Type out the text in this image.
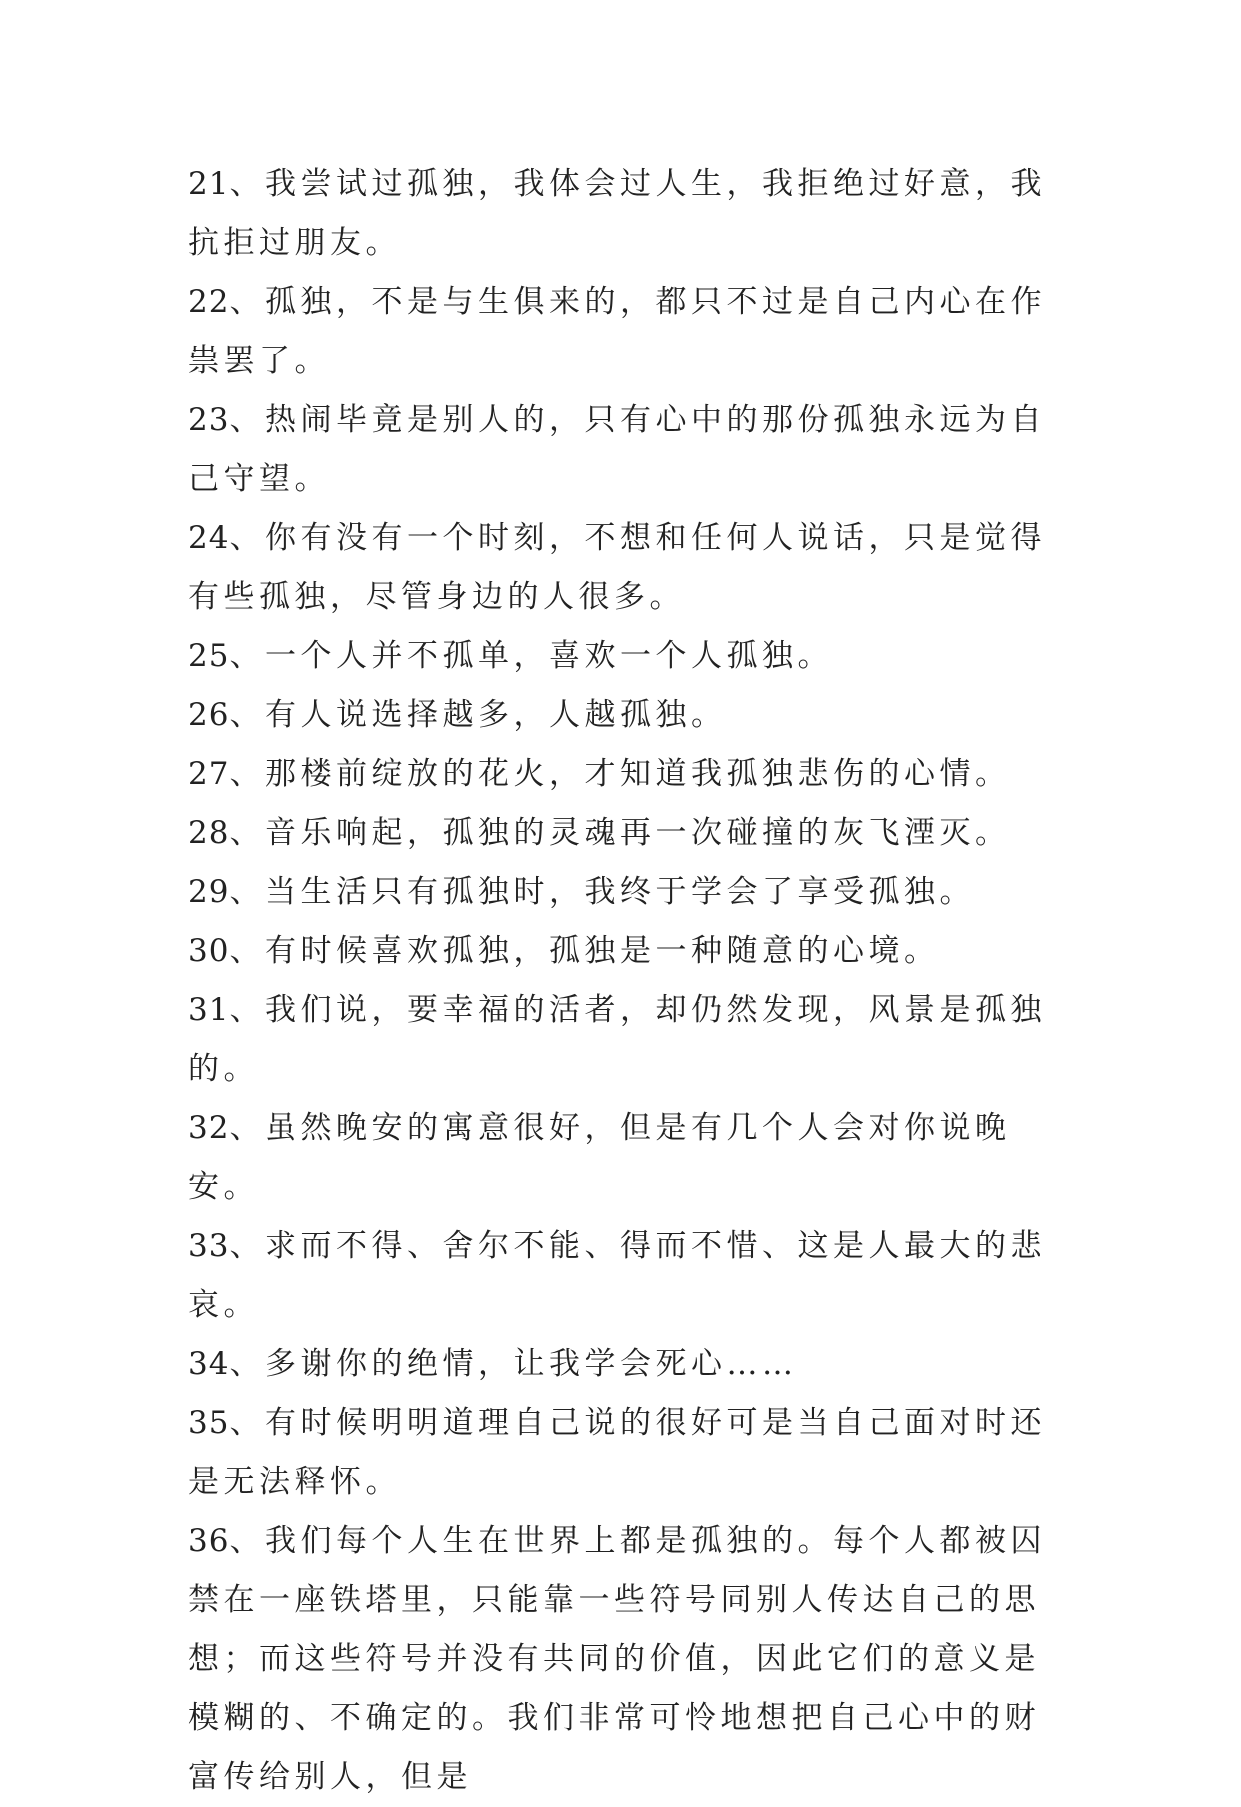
21、我尝试过孤独，我体会过人生，我拒绝过好意，我抗拒过朋友。

22、孤独，不是与生俱来的，都只不过是自己内心在作祟罢了。

23、热闹毕竟是别人的，只有心中的那份孤独永远为自己守望。

24、你有没有一个时刻，不想和任何人说话，只是觉得有些孤独，尽管身边的人很多。

25、一个人并不孤单，喜欢一个人孤独。

26、有人说选择越多，人越孤独。

27、那楼前绽放的花火，才知道我孤独悲伤的心情。

28、音乐响起，孤独的灵魂再一次碰撞的灰飞湮灭。

29、当生活只有孤独时，我终于学会了享受孤独。

30、有时候喜欢孤独，孤独是一种随意的心境。

31、我们说，要幸福的活者，却仍然发现，风景是孤独的。

32、虽然晚安的寓意很好，但是有几个人会对你说晚安。

33、求而不得、舍尔不能、得而不惜、这是人最大的悲哀。

34、多谢你的绝情，让我学会死心……

35、有时候明明道理自己说的很好可是当自己面对时还是无法释怀。

36、我们每个人生在世界上都是孤独的。每个人都被囚禁在一座铁塔里，只能靠一些符号同别人传达自己的思想；而这些符号并没有共同的价值，因此它们的意义是模糊的、不确定的。我们非常可怜地想把自己心中的财富传给别人，但是
